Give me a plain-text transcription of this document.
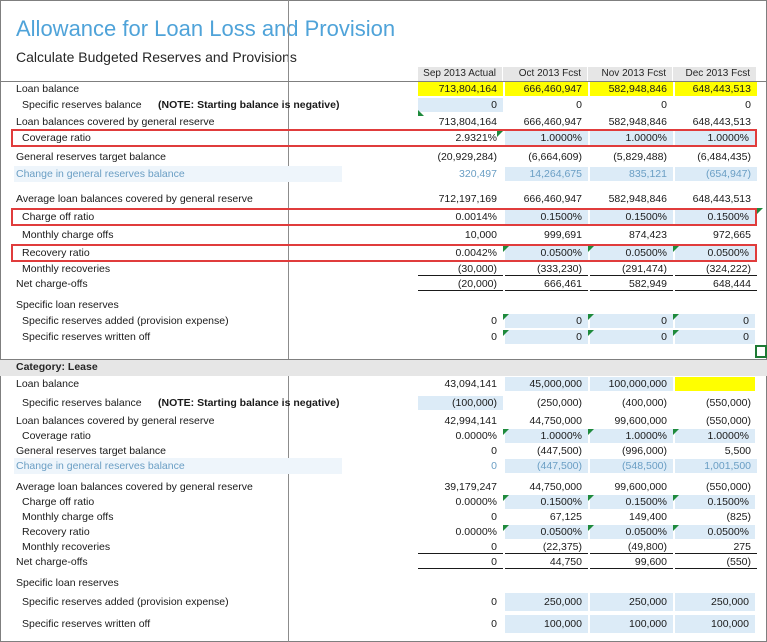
Allowance for Loan Loss and Provision
Calculate Budgeted Reserves and Provisions
Sep 2013 Actual	Oct 2013 Fcst	Nov 2013 Fcst	Dec 2013 Fcst
Loan balance	713,804,164	666,460,947	582,948,846	648,443,513
Specific reserves balance (NOTE: Starting balance is negative)	0	0	0	0
Loan balances covered by general reserve	713,804,164	666,460,947	582,948,846	648,443,513
Coverage ratio	2.9321%	1.0000%	1.0000%	1.0000%
General reserves target balance	(20,929,284)	(6,664,609)	(5,829,488)	(6,484,435)
Change in general reserves balance	320,497	14,264,675	835,121	(654,947)
Average loan balances covered by general reserve	712,197,169	666,460,947	582,948,846	648,443,513
Charge off ratio	0.0014%	0.1500%	0.1500%	0.1500%
Monthly charge offs	10,000	999,691	874,423	972,665
Recovery ratio	0.0042%	0.0500%	0.0500%	0.0500%
Monthly recoveries	(30,000)	(333,230)	(291,474)	(324,222)
Net charge-offs	(20,000)	666,461	582,949	648,444
Specific loan reserves
Specific reserves added (provision expense)	0	0	0	0
Specific reserves written off	0	0	0	0
Category: Lease
Loan balance	43,094,141	45,000,000	100,000,000
Specific reserves balance (NOTE: Starting balance is negative)	(100,000)	(250,000)	(400,000)	(550,000)
Loan balances covered by general reserve	42,994,141	44,750,000	99,600,000	(550,000)
Coverage ratio	0.0000%	1.0000%	1.0000%	1.0000%
General reserves target balance	0	(447,500)	(996,000)	5,500
Change in general reserves balance	0	(447,500)	(548,500)	1,001,500
Average loan balances covered by general reserve	39,179,247	44,750,000	99,600,000	(550,000)
Charge off ratio	0.0000%	0.1500%	0.1500%	0.1500%
Monthly charge offs	0	67,125	149,400	(825)
Recovery ratio	0.0000%	0.0500%	0.0500%	0.0500%
Monthly recoveries	0	(22,375)	(49,800)	275
Net charge-offs	0	44,750	99,600	(550)
Specific loan reserves
Specific reserves added (provision expense)	0	250,000	250,000	250,000
Specific reserves written off	0	100,000	100,000	100,000
